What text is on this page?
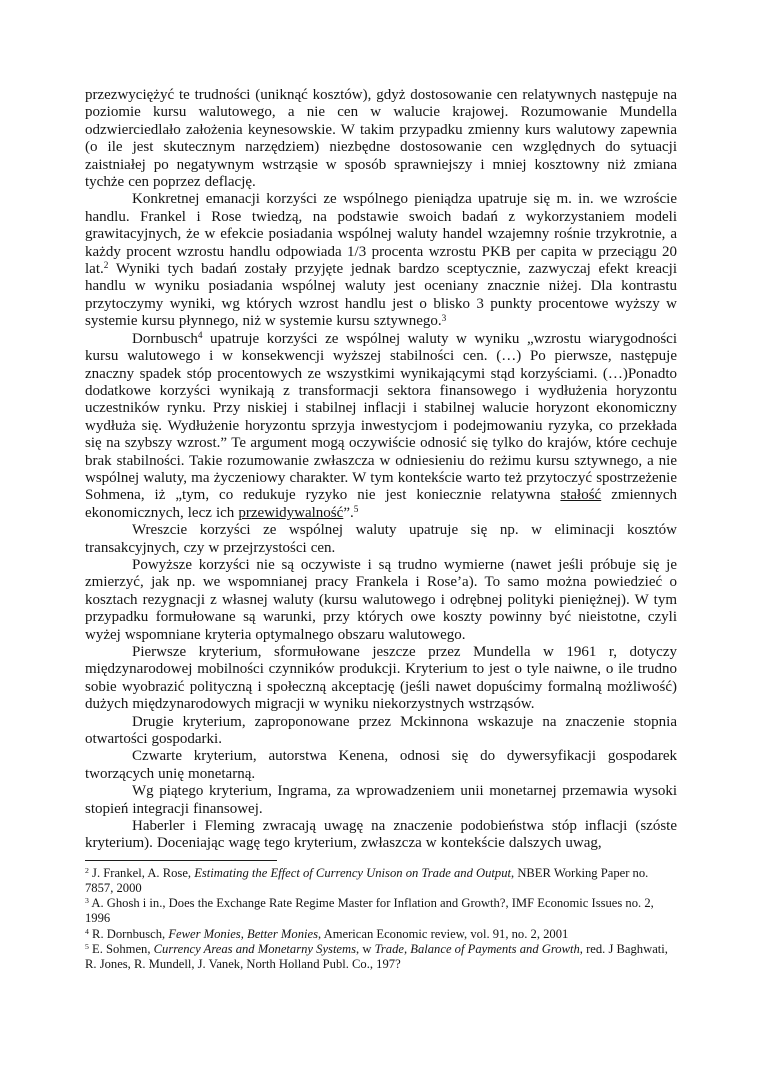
przezwyciężyć te trudności (uniknąć kosztów), gdyż dostosowanie cen relatywnych następuje na poziomie kursu walutowego, a nie cen w walucie krajowej. Rozumowanie Mundella odzwierciedlało założenia keynesowskie. W takim przypadku zmienny kurs walutowy zapewnia (o ile jest skutecznym narzędziem) niezbędne dostosowanie cen względnych do sytuacji zaistniałej po negatywnym wstrząsie w sposób sprawniejszy i mniej kosztowny niż zmiana tychże cen poprzez deflację.

Konkretnej emanacji korzyści ze wspólnego pieniądza upatruje się m. in. we wzroście handlu. Frankel i Rose twiedzą, na podstawie swoich badań z wykorzystaniem modeli grawitacyjnych, że w efekcie posiadania wspólnej waluty handel wzajemny rośnie trzykrotnie, a każdy procent wzrostu handlu odpowiada 1/3 procenta wzrostu PKB per capita w przeciągu 20 lat.$^2$ Wyniki tych badań zostały przyjęte jednak bardzo sceptycznie, zazwyczaj efekt kreacji handlu w wyniku posiadania wspólnej waluty jest oceniany znacznie niżej. Dla kontrastu przytoczymy wyniki, wg których wzrost handlu jest o blisko 3 punkty procentowe wyższy w systemie kursu płynnego, niż w systemie kursu sztywnego.$^3$

Dornbusch$^4$ upatruje korzyści ze wspólnej waluty w wyniku „wzrostu wiarygodności kursu walutowego i w konsekwencji wyższej stabilności cen. (…) Po pierwsze, następuje znaczny spadek stóp procentowych ze wszystkimi wynikającymi stąd korzyściami. (…)Ponadto dodatkowe korzyści wynikają z transformacji sektora finansowego i wydłużenia horyzontu uczestników rynku. Przy niskiej i stabilnej inflacji i stabilnej walucie horyzont ekonomiczny wydłuża się. Wydłużenie horyzontu sprzyja inwestycjom i podejmowaniu ryzyka, co przekłada się na szybszy wzrost.” Te argument mogą oczywiście odnosić się tylko do krajów, które cechuje brak stabilności. Takie rozumowanie zwłaszcza w odniesieniu do reżimu kursu sztywnego, a nie wspólnej waluty, ma życzeniowy charakter. W tym kontekście warto też przytoczyć spostrzeżenie Sohmena, iż „tym, co redukuje ryzyko nie jest koniecznie relatywna stałość zmiennych ekonomicznych, lecz ich przewidywalność”.$^5$

Wreszcie korzyści ze wspólnej waluty upatruje się np. w eliminacji kosztów transakcyjnych, czy w przejrzystości cen.

Powyższe korzyści nie są oczywiste i są trudno wymierne (nawet jeśli próbuje się je zmierzyć, jak np. we wspomnianej pracy Frankela i Rose’a). To samo można powiedzieć o kosztach rezygnacji z własnej waluty (kursu walutowego i odrębnej polityki pieniężnej). W tym przypadku formułowane są warunki, przy których owe koszty powinny być nieistotne, czyli wyżej wspomniane kryteria optymalnego obszaru walutowego.

Pierwsze kryterium, sformułowane jeszcze przez Mundella w 1961 r, dotyczy międzynarodowej mobilności czynników produkcji. Kryterium to jest o tyle naiwne, o ile trudno sobie wyobrazić polityczną i społeczną akceptację (jeśli nawet dopuścimy formalną możliwość) dużych międzynarodowych migracji w wyniku niekorzystnych wstrząsów.

Drugie kryterium, zaproponowane przez Mckinnona wskazuje na znaczenie stopnia otwartości gospodarki.

Czwarte kryterium, autorstwa Kenena, odnosi się do dywersyfikacji gospodarek tworzących unię monetarną.

Wg piątego kryterium, Ingrama, za wprowadzeniem unii monetarnej przemawia wysoki stopień integracji finansowej.

Haberler i Fleming zwracają uwagę na znaczenie podobieństwa stóp inflacji (szóste kryterium). Doceniając wagę tego kryterium, zwłaszcza w kontekście dalszych uwag,

$^2$ J. Frankel, A. Rose, Estimating the Effect of Currency Unison on Trade and Output, NBER Working Paper no. 7857, 2000

$^3$ A. Ghosh i in., Does the Exchange Rate Regime Master for Inflation and Growth?, IMF Economic Issues no. 2, 1996

$^4$ R. Dornbusch, Fewer Monies, Better Monies, American Economic review, vol. 91, no. 2, 2001

$^5$ E. Sohmen, Currency Areas and Monetarny Systems, w Trade, Balance of Payments and Growth, red. J Baghwati, R. Jones, R. Mundell, J. Vanek, North Holland Publ. Co., 197?
